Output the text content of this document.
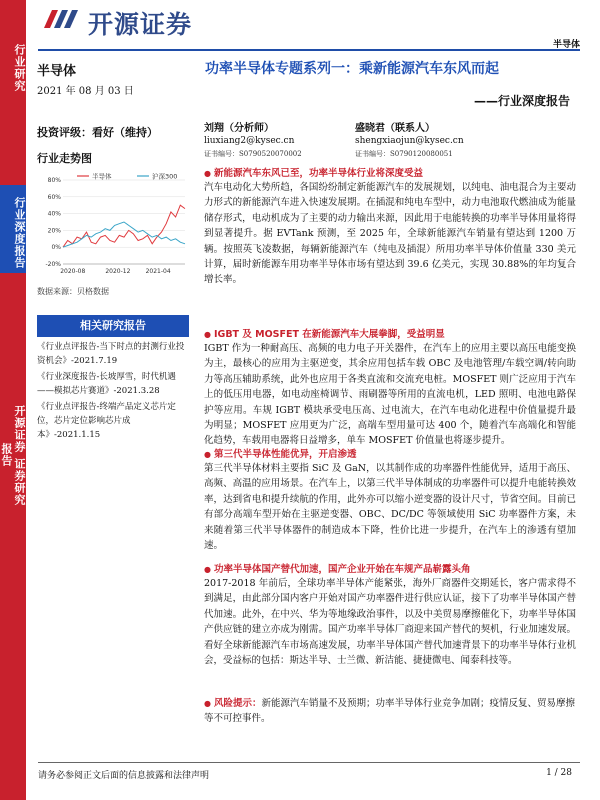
行业研究
行业深度报告
开源证券 证券研究报告
开源证券
半导体
半导体
2021 年 08 月 03 日
投资评级：看好（维持）
行业走势图
80%
60%
40%
20%
0%
-20%
2020-08	2020-12	2021-04
半导体	沪深300
数据来源：贝格数据
相关研究报告

《行业点评报告-当下时点的封测行业投资机会》-2021.7.19

《行业深度报告-长坡厚雪，时代机遇——模拟芯片赛道》-2021.3.28

《行业点评报告-终端产品定义芯片定位，芯片定位影响芯片成本》-2021.1.15

功率半导体专题系列一：乘新能源汽车东风而起
——行业深度报告
刘翔（分析师）
liuxiang2@kysec.cn
证书编号：S0790520070002
盛晓君（联系人）
shengxiaojun@kysec.cn
证书编号：S0790120080051
● 新能源汽车东风已至，功率半导体行业将深度受益
汽车电动化大势所趋，各国纷纷制定新能源汽车的发展规划，以纯电、油电混合为主要动力形式的新能源汽车进入快速发展期。在插混和纯电车型中，动力电池取代燃油成为能量储存形式，电动机成为了主要的动力输出来源，因此用于电能转换的功率半导体用量将得到显著提升。据 EVTank 预测，至 2025 年，全球新能源汽车销量有望达到 1200 万辆。按照英飞凌数据，每辆新能源汽车（纯电及插混）所用功率半导体价值量 330 美元计算，届时新能源车用功率半导体市场有望达到 39.6 亿美元，实现 30.88%的年均复合增长率。
● IGBT 及 MOSFET 在新能源汽车大展拳脚，受益明显
IGBT 作为一种耐高压、高频的电力电子开关器件，在汽车上的应用主要以高压电能变换为主，最核心的应用为主驱逆变，其余应用包括车载 OBC 及电池管理/车载空调/转向助力等高压辅助系统，此外也应用于各类直流和交流充电桩。MOSFET 则广泛应用于汽车上的低压用电器，如电动座椅调节、雨刷器等所用的直流电机，LED 照明、电池电路保护等应用。车规 IGBT 模块承受电压高、过电流大，在汽车电动化进程中价值量提升最为明显；MOSFET 应用更为广泛，高端车型用量可达 400 个，随着汽车高端化和智能化趋势，车载用电器将日益增多，单车 MOSFET 价值量也将逐步提升。
● 第三代半导体性能优异，开启渗透
第三代半导体材料主要指 SiC 及 GaN，以其制作成的功率器件性能优异，适用于高压、高频、高温的应用场景。在汽车上，以第三代半导体制成的功率器件可以提升电能转换效率，达到省电和提升续航的作用，此外亦可以缩小逆变器的设计尺寸，节省空间。目前已有部分高端车型开始在主驱逆变器、OBC、DC/DC 等领域使用 SiC 功率器件方案，未来随着第三代半导体器件的制造成本下降，性价比进一步提升，在汽车上的渗透有望加速。
● 功率半导体国产替代加速，国产企业开始在车规产品崭露头角
2017-2018 年前后，全球功率半导体产能紧张，海外厂商器件交期延长，客户需求得不到满足，由此部分国内客户开始对国产功率器件进行供应认证，接下了功率半导体国产替代加速。此外，在中兴、华为等地缘政治事件，以及中美贸易摩擦催化下，功率半导体国产供应链的建立亦成为刚需。国产功率半导体厂商迎来国产替代的契机，行业加速发展。看好全球新能源汽车市场高速发展，功率半导体国产替代加速背景下的功率半导体行业机会，受益标的包括：斯达半导、士兰微、新洁能、捷捷微电、闻泰科技等。
● 风险提示：新能源汽车销量不及预期；功率半导体行业竞争加剧；疫情反复、贸易摩擦等不可控事件。
请务必参阅正文后面的信息披露和法律声明	1 / 28
